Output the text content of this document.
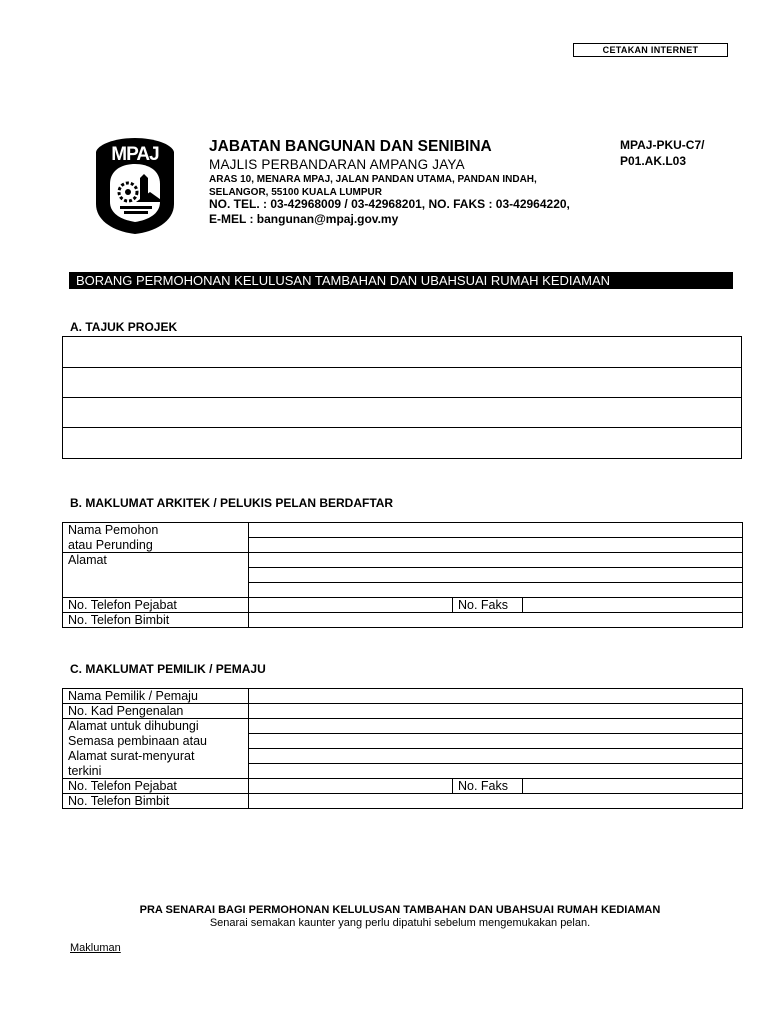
CETAKAN INTERNET
MPAJ	JABATAN BANGUNAN DAN SENIBINA
MAJLIS PERBANDARAN AMPANG JAYA
ARAS 10, MENARA MPAJ, JALAN PANDAN UTAMA, PANDAN INDAH,
SELANGOR, 55100 KUALA LUMPUR
NO. TEL. : 03-42968009 / 03-42968201, NO. FAKS : 03-42964220,
E-MEL : bangunan@mpaj.gov.my
MPAJ-PKU-C7/
P01.AK.L03
BORANG PERMOHONAN KELULUSAN TAMBAHAN DAN UBAHSUAI RUMAH KEDIAMAN
A. TAJUK PROJEK
B. MAKLUMAT ARKITEK / PELUKIS PELAN BERDAFTAR
Nama Pemohon			
atau Perunding			
Alamat			

No. Telefon Pejabat		No. Faks	
No. Telefon Bimbit			
C. MAKLUMAT PEMILIK / PEMAJU
Nama Pemilik / Pemaju			
No. Kad Pengenalan			
Alamat untuk dihubungi			
Semasa pembinaan atau			
Alamat surat-menyurat			
terkini			
No. Telefon Pejabat		No. Faks	
No. Telefon Bimbit			
PRA SENARAI BAGI PERMOHONAN KELULUSAN TAMBAHAN DAN UBAHSUAI RUMAH KEDIAMAN
Senarai semakan kaunter yang perlu dipatuhi sebelum mengemukakan pelan.
Makluman
